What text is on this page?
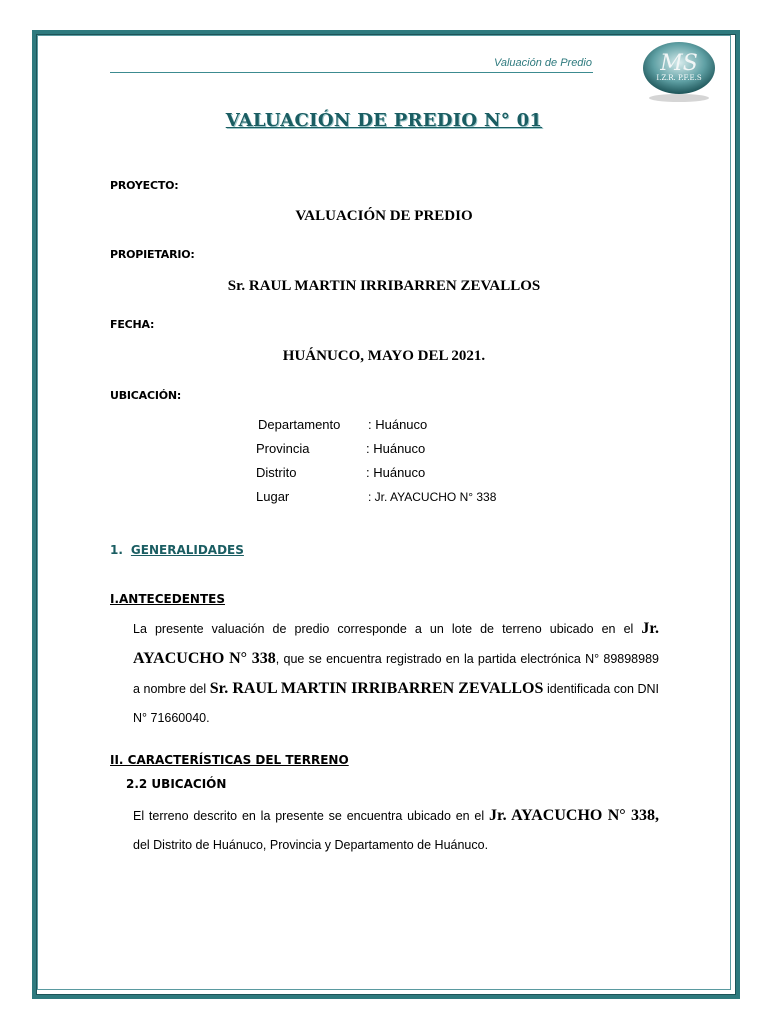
Valuación de Predio	MS
I.Z.R. P.F.E.S
VALUACIÓN DE PREDIO N° 01
PROYECTO:
VALUACIÓN DE PREDIO
PROPIETARIO:
Sr. RAUL MARTIN IRRIBARREN ZEVALLOS
FECHA:
HUÁNUCO, MAYO DEL 2021.
UBICACIÓN:
Departamento : Huánuco
Provincia	: Huánuco
Distrito	: Huánuco
Lugar	: Jr. AYACUCHO N° 338
1. GENERALIDADES
I.ANTECEDENTES
La presente valuación de predio corresponde a un lote de terreno ubicado en el Jr. AYACUCHO N° 338, que se encuentra registrado en la partida electrónica N° 89898989 a nombre del Sr. RAUL MARTIN IRRIBARREN ZEVALLOS identificada con DNI N° 71660040.
II. CARACTERÍSTICAS DEL TERRENO
2.2 UBICACIÓN
El terreno descrito en la presente se encuentra ubicado en el Jr. AYACUCHO N° 338, del Distrito de Huánuco, Provincia y Departamento de Huánuco.
